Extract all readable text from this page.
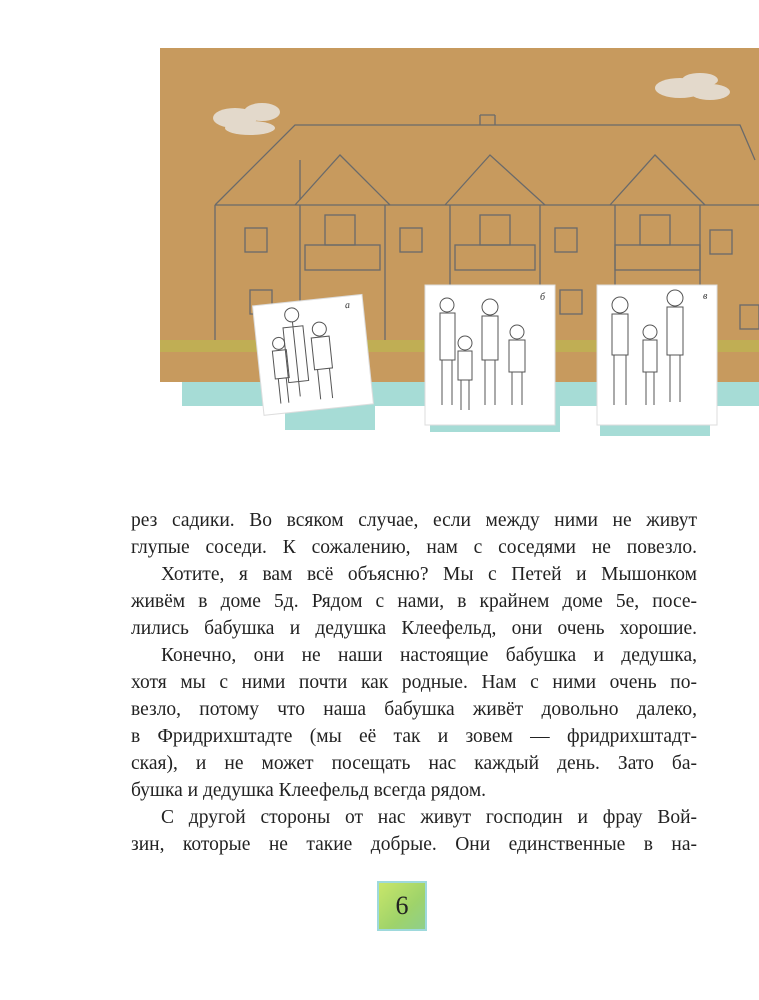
а
б	в
рез садики. Во всяком случае, если между ними не живут
глупые соседи. К сожалению, нам с соседями не повезло.
Хотите, я вам всё объясню? Мы с Петей и Мышонком
живём в доме 5д. Рядом с нами, в крайнем доме 5е, посе-
лились бабушка и дедушка Клеефельд, они очень хорошие.
Конечно, они не наши настоящие бабушка и дедушка,
хотя мы с ними почти как родные. Нам с ними очень по-
везло, потому что наша бабушка живёт довольно далеко,
в Фридрихштадте (мы её так и зовем — фридрихштадт-
ская), и не может посещать нас каждый день. Зато ба-
бушка и дедушка Клеефельд всегда рядом.
С другой стороны от нас живут господин и фрау Вой-
зин, которые не такие добрые. Они единственные в на-
6
